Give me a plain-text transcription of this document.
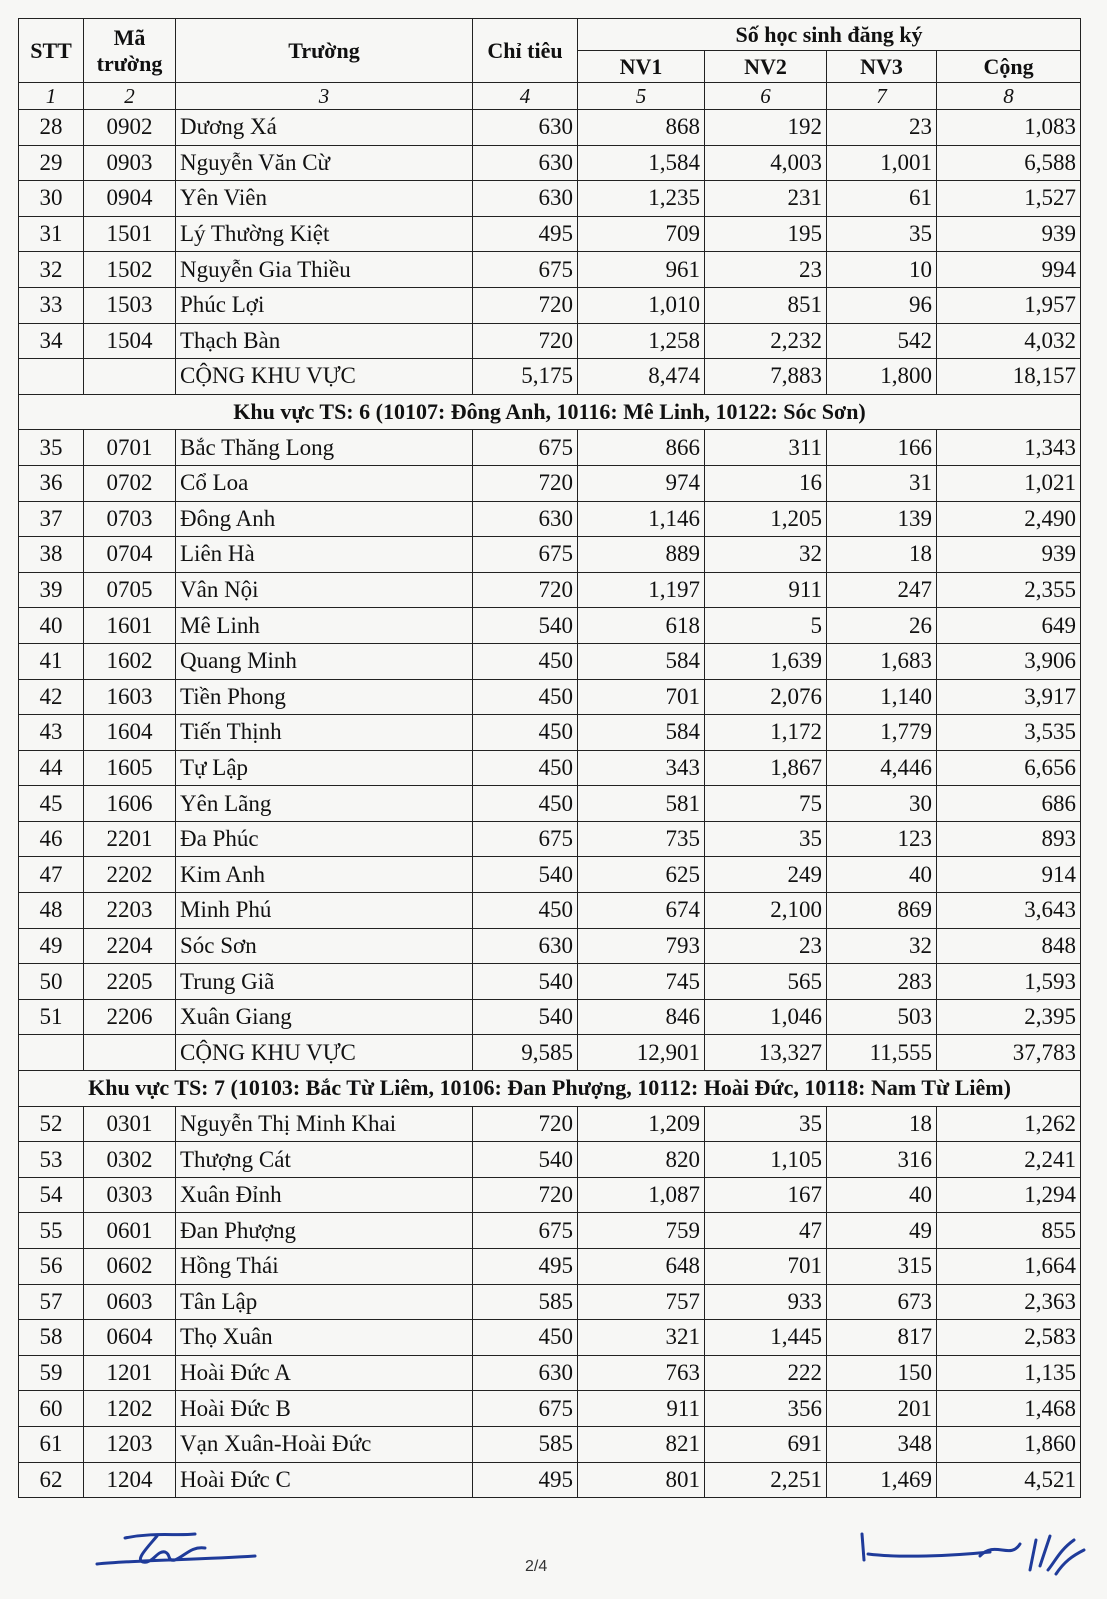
STT	Mã trường	Trường	Chỉ tiêu	Số học sinh đăng ký			
				NV1	NV2	NV3	Cộng
1	2	3	4	5	6	7	8
28	0902	Dương Xá	630	868	192	23	1,083
29	0903	Nguyễn Văn Cừ	630	1,584	4,003	1,001	6,588
30	0904	Yên Viên	630	1,235	231	61	1,527
31	1501	Lý Thường Kiệt	495	709	195	35	939
32	1502	Nguyễn Gia Thiều	675	961	23	10	994
33	1503	Phúc Lợi	720	1,010	851	96	1,957
34	1504	Thạch Bàn	720	1,258	2,232	542	4,032
		CỘNG KHU VỰC	5,175	8,474	7,883	1,800	18,157
Khu vực TS: 6 (10107: Đông Anh, 10116: Mê Linh, 10122: Sóc Sơn)							
35	0701	Bắc Thăng Long	675	866	311	166	1,343
36	0702	Cổ Loa	720	974	16	31	1,021
37	0703	Đông Anh	630	1,146	1,205	139	2,490
38	0704	Liên Hà	675	889	32	18	939
39	0705	Vân Nội	720	1,197	911	247	2,355
40	1601	Mê Linh	540	618	5	26	649
41	1602	Quang Minh	450	584	1,639	1,683	3,906
42	1603	Tiền Phong	450	701	2,076	1,140	3,917
43	1604	Tiến Thịnh	450	584	1,172	1,779	3,535
44	1605	Tự Lập	450	343	1,867	4,446	6,656
45	1606	Yên Lãng	450	581	75	30	686
46	2201	Đa Phúc	675	735	35	123	893
47	2202	Kim Anh	540	625	249	40	914
48	2203	Minh Phú	450	674	2,100	869	3,643
49	2204	Sóc Sơn	630	793	23	32	848
50	2205	Trung Giã	540	745	565	283	1,593
51	2206	Xuân Giang	540	846	1,046	503	2,395
		CỘNG KHU VỰC	9,585	12,901	13,327	11,555	37,783
Khu vực TS: 7 (10103: Bắc Từ Liêm, 10106: Đan Phượng, 10112: Hoài Đức, 10118: Nam Từ Liêm)							
52	0301	Nguyễn Thị Minh Khai	720	1,209	35	18	1,262
53	0302	Thượng Cát	540	820	1,105	316	2,241
54	0303	Xuân Đỉnh	720	1,087	167	40	1,294
55	0601	Đan Phượng	675	759	47	49	855
56	0602	Hồng Thái	495	648	701	315	1,664
57	0603	Tân Lập	585	757	933	673	2,363
58	0604	Thọ Xuân	450	321	1,445	817	2,583
59	1201	Hoài Đức A	630	763	222	150	1,135
60	1202	Hoài Đức B	675	911	356	201	1,468
61	1203	Vạn Xuân-Hoài Đức	585	821	691	348	1,860
62	1204	Hoài Đức C	495	801	2,251	1,469	4,521
2/4
